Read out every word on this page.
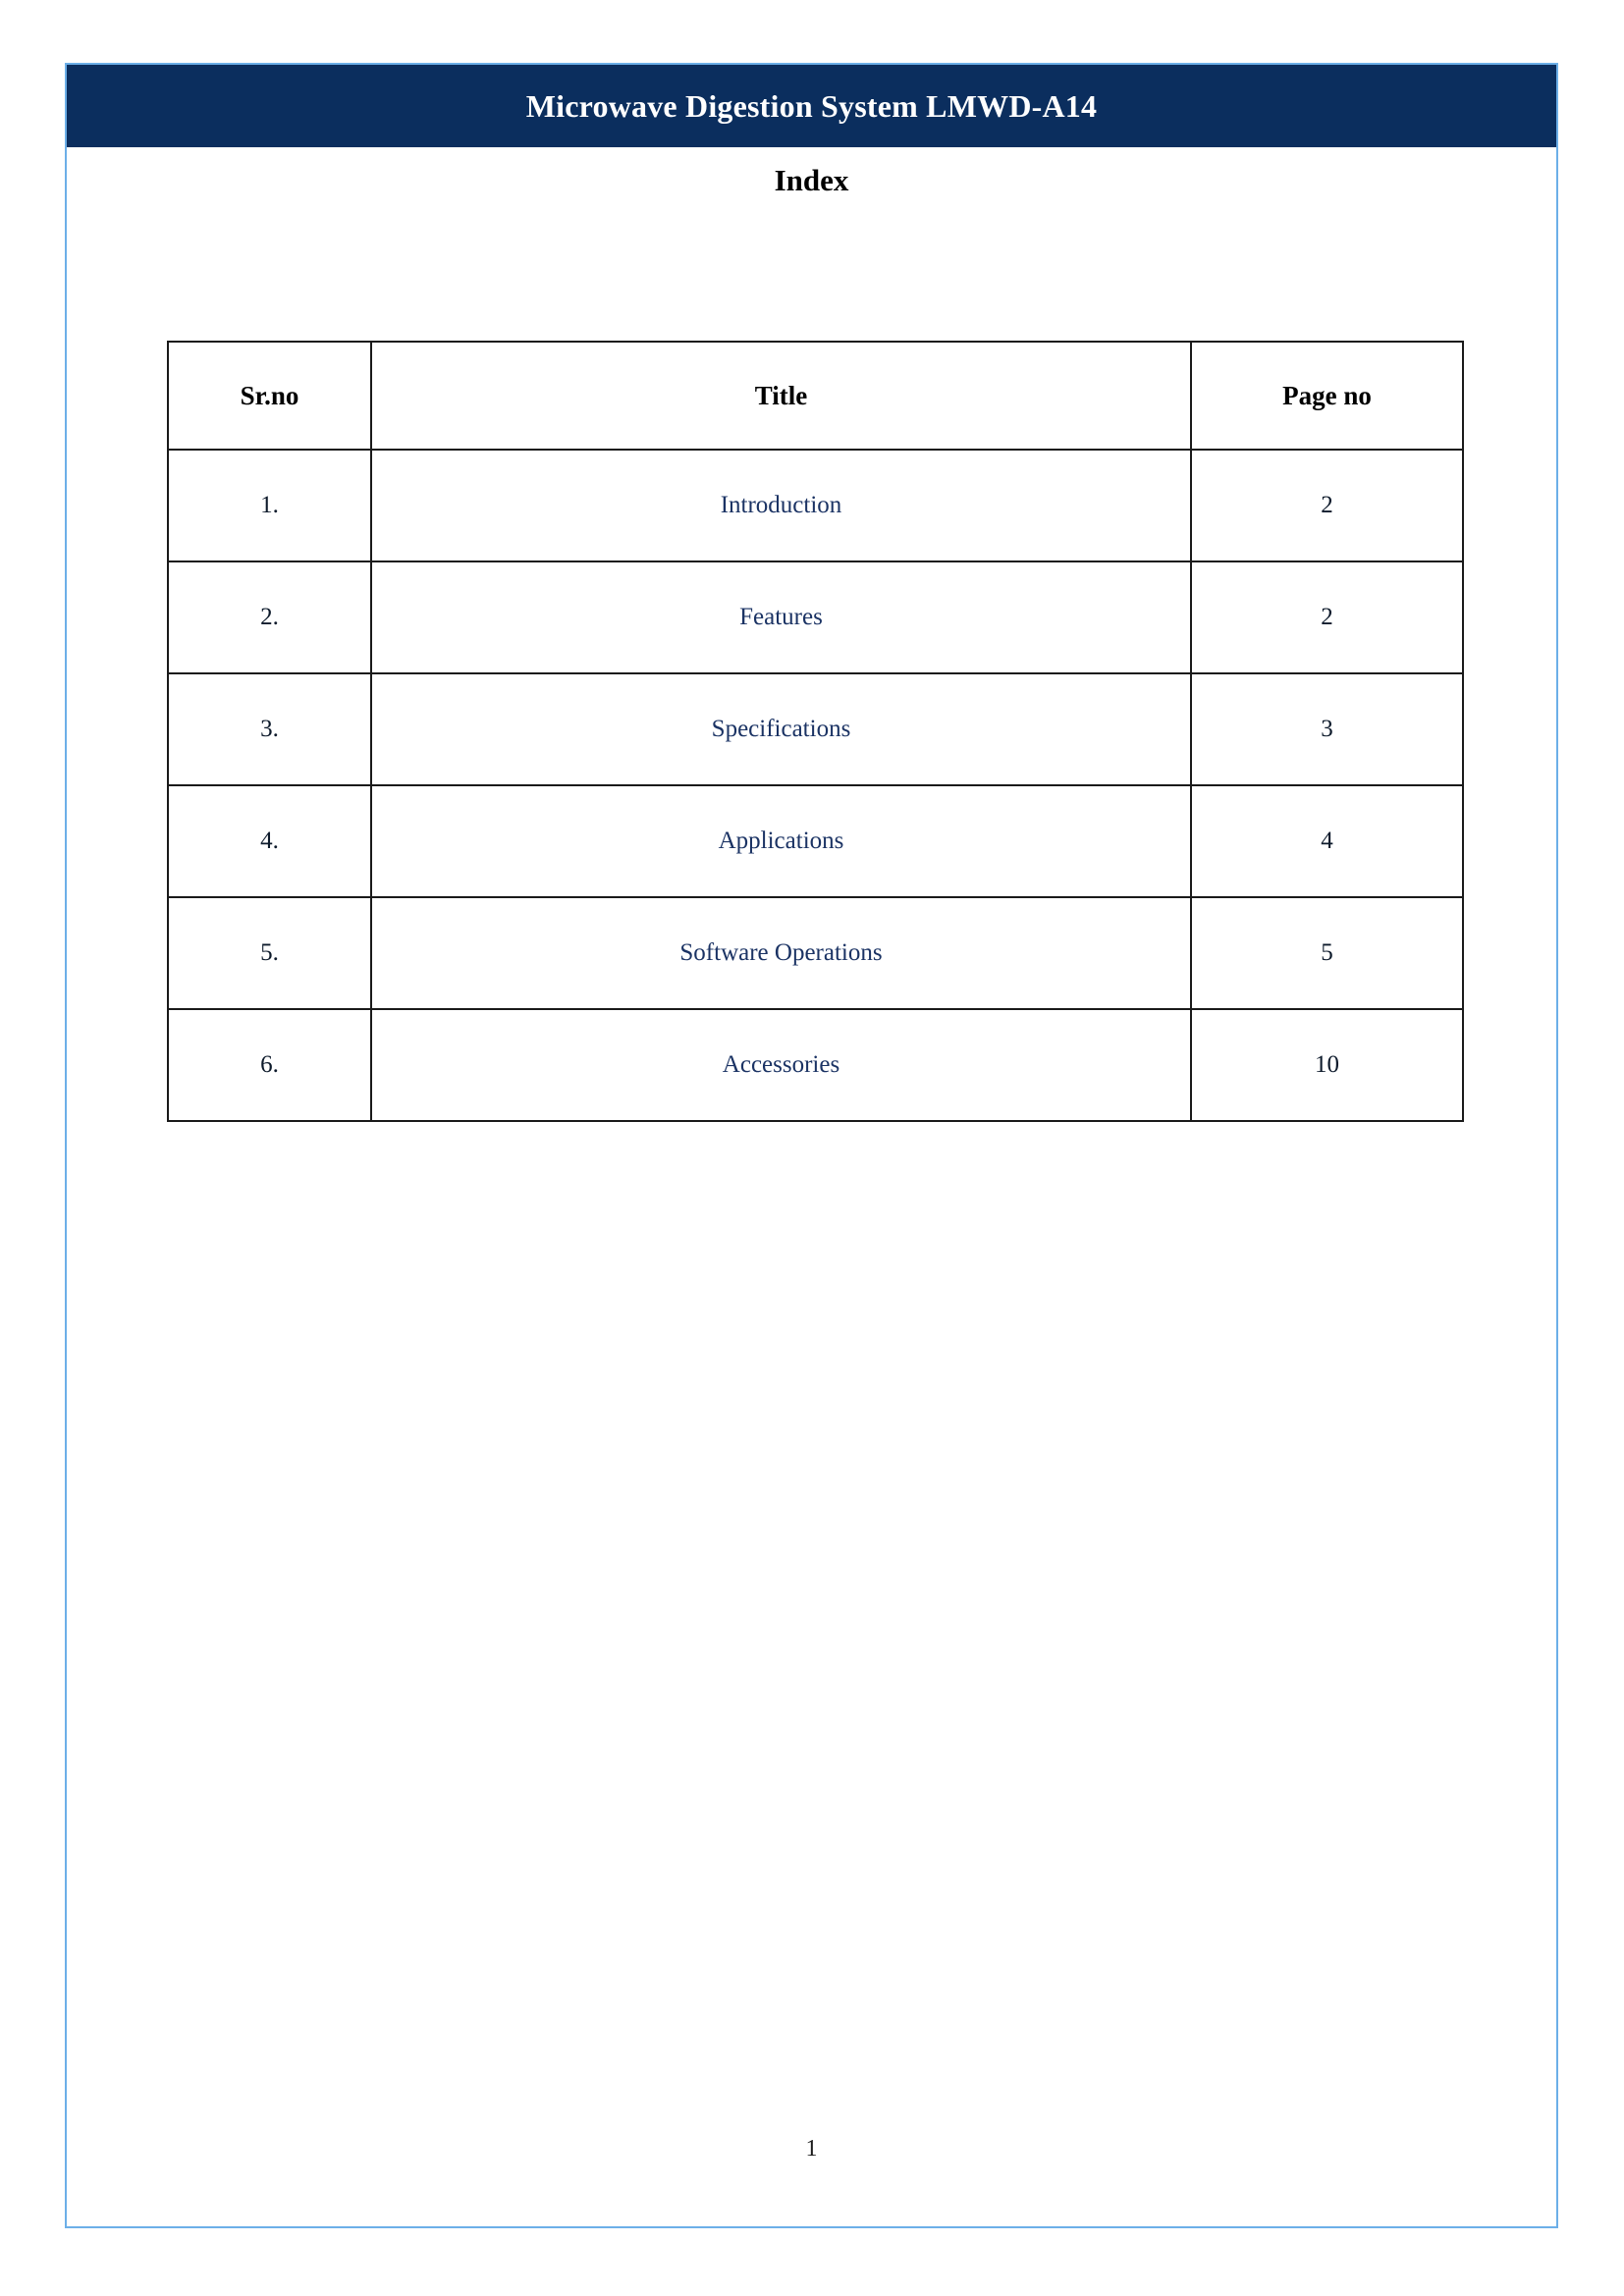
Microwave Digestion System LMWD-A14
Index
Sr.no	Title	Page no
1.	Introduction	2
2.	Features	2
3.	Specifications	3
4.	Applications	4
5.	Software Operations	5
6.	Accessories	10
1
